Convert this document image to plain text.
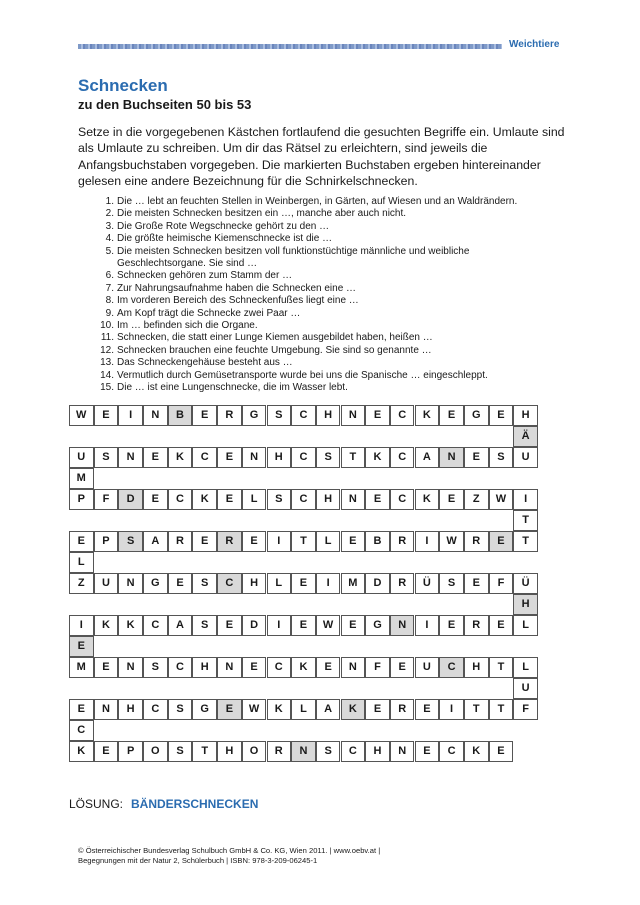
Weichtiere
Schnecken
zu den Buchseiten 50 bis 53
Setze in die vorgegebenen Kästchen fortlaufend die gesuchten Begriffe ein. Umlaute sind als Umlaute zu schreiben. Um dir das Rätsel zu erleichtern, sind jeweils die Anfangsbuchstaben vorgegeben. Die markierten Buchstaben ergeben hintereinander gelesen eine andere Bezeichnung für die Schnirkelschnecken.
1. Die … lebt an feuchten Stellen in Weinbergen, in Gärten, auf Wiesen und an Waldrändern.
2. Die meisten Schnecken besitzen ein …, manche aber auch nicht.
3. Die Große Rote Wegschnecke gehört zu den …
4. Die größte heimische Kiemenschnecke ist die …
5. Die meisten Schnecken besitzen voll funktionstüchtige männliche und weibliche
Geschlechtsorgane. Sie sind …
6. Schnecken gehören zum Stamm der …
7. Zur Nahrungsaufnahme haben die Schnecken eine …
8. Im vorderen Bereich des Schneckenfußes liegt eine …
9. Am Kopf trägt die Schnecke zwei Paar …
10. Im … befinden sich die Organe.
11. Schnecken, die statt einer Lunge Kiemen ausgebildet haben, heißen …
12. Schnecken brauchen eine feuchte Umgebung. Sie sind so genannte …
13. Das Schneckengehäuse besteht aus …
14. Vermutlich durch Gemüsetransporte wurde bei uns die Spanische … eingeschleppt.
15. Die … ist eine Lungenschnecke, die im Wasser lebt.
W	E	I	N	B	E	R	G	S	C	H	N	E	C	K	E	G	E	H
Ä
U	S	N	E	K	C	E	N	H	C	S	T	K	C	A	N	E	S	U
M
P	F	D	E	C	K	E	L	S	C	H	N	E	C	K	E	Z	W	I
T
E	P	S	A	R	E	R	E	I	T	L	E	B	R	I	W	R	E	T
L
Z	U	N	G	E	S	C	H	L	E	I	M	D	R	Ü	S	E	F	Ü
H
I	K	K	C	A	S	E	D	I	E	W	E	G	N	I	E	R	E	L
E
M	E	N	S	C	H	N	E	C	K	E	N	F	E	U	C	H	T	L
U
E	N	H	C	S	G	E	W	K	L	A	K	E	R	E	I	T	T	F
C
K	E	P	O	S	T	H	O	R	N	S	C	H	N	E	C	K	E
LÖSUNG: BÄNDERSCHNECKEN
© Österreichischer Bundesverlag Schulbuch GmbH & Co. KG, Wien 2011. | www.oebv.at |
Begegnungen mit der Natur 2, Schülerbuch | ISBN: 978-3-209-06245-1
